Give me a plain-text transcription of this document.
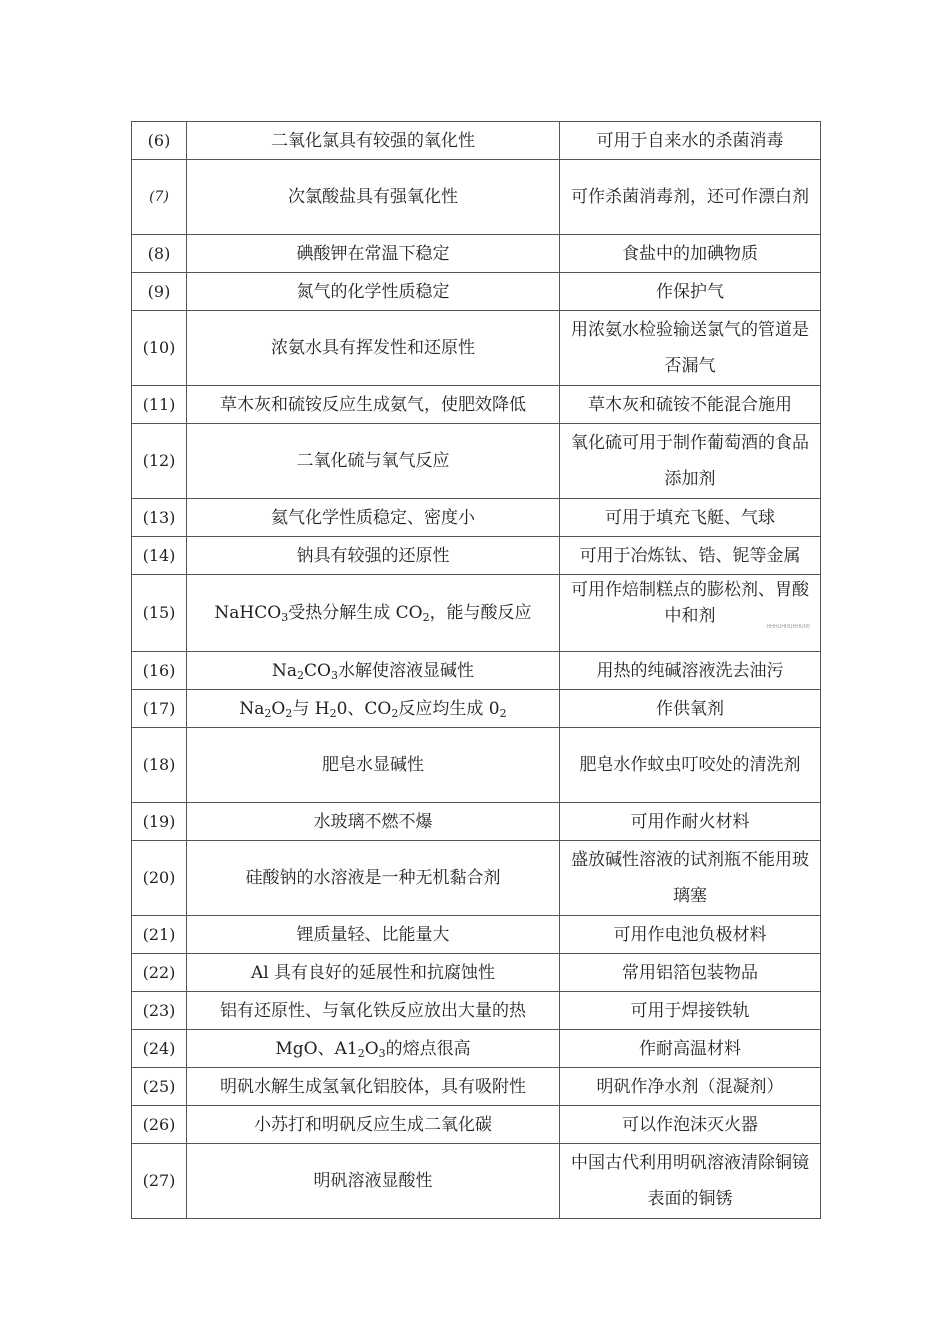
(6)	二氧化氯具有较强的氧化性	可用于自来水的杀菌消毒
(7)	次氯酸盐具有强氧化性	可作杀菌消毒剂，还可作漂白剂
(8)	碘酸钾在常温下稳定	食盐中的加碘物质
(9)	氮气的化学性质稳定	作保护气
(10)	浓氨水具有挥发性和还原性	用浓氨水检验输送氯气的管道是否漏气
(11)	草木灰和硫铵反应生成氨气，使肥效降低	草木灰和硫铵不能混合施用
(12)	二氧化硫与氧气反应	氧化硫可用于制作葡萄酒的食品添加剂
(13)	氦气化学性质稳定、密度小	可用于填充飞艇、气球
(14)	钠具有较强的还原性	可用于冶炼钛、锆、铌等金属

(15)	NaHCO$_3$受热分解生成 $CO_2$，能与酸反应	可用作焙制糕点的膨松剂、胃酸中和剂
HHHUHHUHHU00

(16)	$Na_2CO_3$水解使溶液显碱性	用热的纯碱溶液洗去油污
(17)	$Na_2O_2$与 $H_20$、$CO_2$反应均生成 $0_2$	作供氧剂
(18)	肥皂水显碱性	肥皂水作蚊虫叮咬处的清洗剂
(19)	水玻璃不燃不爆	可用作耐火材料
(20)	硅酸钠的水溶液是一种无机黏合剂	盛放碱性溶液的试剂瓶不能用玻璃塞
(21)	锂质量轻、比能量大	可用作电池负极材料
(22)	Al 具有良好的延展性和抗腐蚀性	常用铝箔包装物品
(23)	铝有还原性、与氧化铁反应放出大量的热	可用于焊接铁轨
(24)	MgO、$A1_2O_3$的熔点很高	作耐高温材料
(25)	明矾水解生成氢氧化铝胶体，具有吸附性	明矾作净水剂（混凝剂）
(26)	小苏打和明矾反应生成二氧化碳	可以作泡沫灭火器
(27)	明矾溶液显酸性	中国古代利用明矾溶液清除铜镜表面的铜锈
